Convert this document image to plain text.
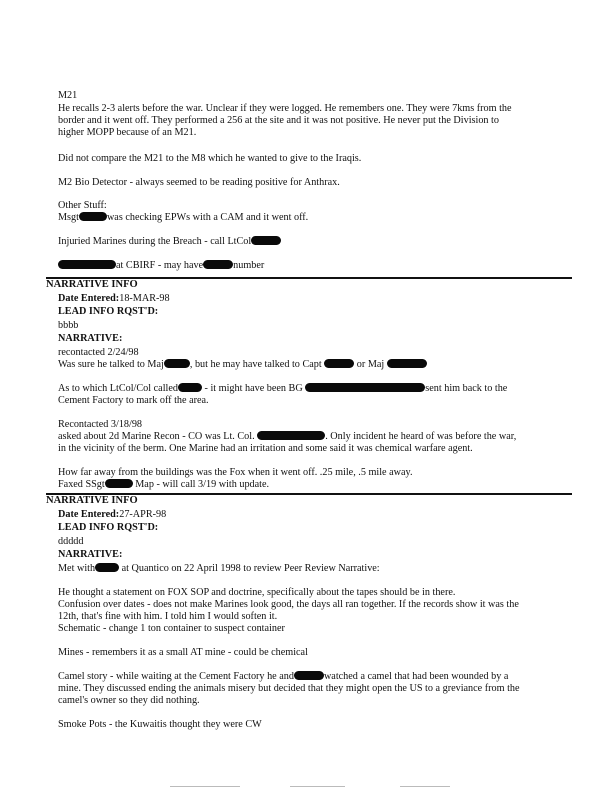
M21
He recalls 2-3 alerts before the war. Unclear if they were logged. He remembers one. They were 7kms from the
border and it went off. They performed a 256 at the site and it was not positive. He never put the Division to
higher MOPP because of an M21.
Did not compare the M21 to the M8 which he wanted to give to the Iraqis.
M2 Bio Detector - always seemed to be reading positive for Anthrax.
Other Stuff:
Msgt	was checking EPWs with a CAM and it went off.
Injuried Marines during the Breach - call LtCol
at CBIRF - may have	number
NARRATIVE INFO
Date Entered:18-MAR-98
LEAD INFO RQST'D:
bbbb
NARRATIVE:
recontacted 2/24/98
Was sure he talked to Maj	, but he may have talked to Capt	or Maj
As to which LtCol/Col called	- it might have been BG	sent him back to the
Cement Factory to mark off the area.
Recontacted 3/18/98
asked about 2d Marine Recon - CO was Lt. Col.	. Only incident he heard of was before the war,
in the vicinity of the berm. One Marine had an irritation and some said it was chemical warfare agent.
How far away from the buildings was the Fox when it went off. .25 mile, .5 mile away.
Faxed SSgt	Map - will call 3/19 with update.
NARRATIVE INFO
Date Entered:27-APR-98
LEAD INFO RQST'D:
ddddd
NARRATIVE:
Met with	at Quantico on 22 April 1998 to review Peer Review Narrative:
He thought a statement on FOX SOP and doctrine, specifically about the tapes should be in there.
Confusion over dates - does not make Marines look good, the days all ran together. If the records show it was the
12th, that's fine with him. I told him I would soften it.
Schematic - change 1 ton container to suspect container
Mines - remembers it as a small AT mine - could be chemical
Camel story - while waiting at the Cement Factory he and	watched a camel that had been wounded by a
mine. They discussed ending the animals misery but decided that they might open the US to a greviance from the
camel's owner so they did nothing.
Smoke Pots - the Kuwaitis thought they were CW
